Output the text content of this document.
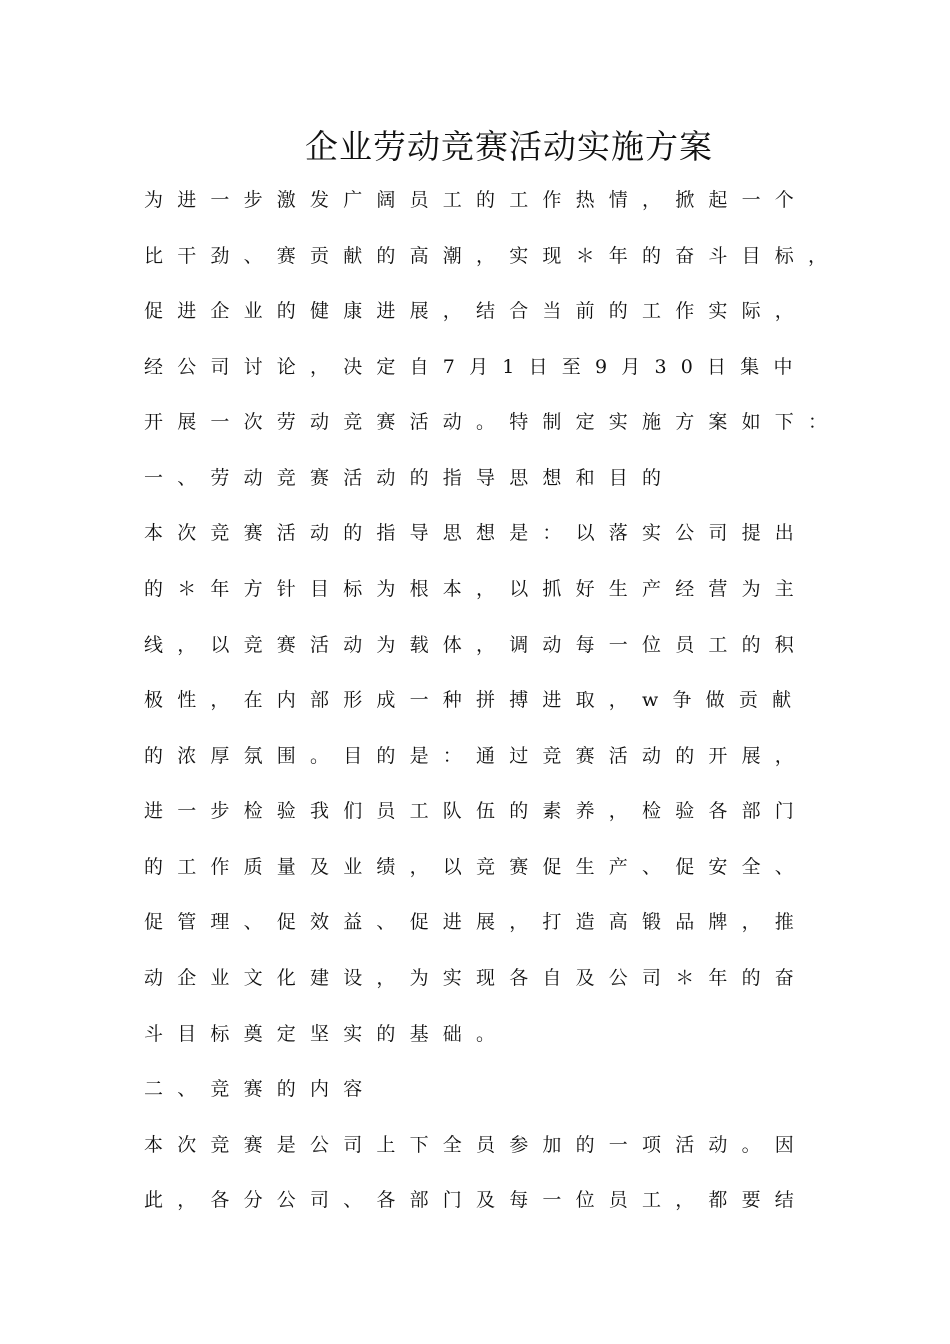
企业劳动竞赛活动实施方案
为进一步激发广阔员工的工作热情，掀起一个
比干劲、赛贡献的高潮，实现＊年的奋斗目标，
促进企业的健康进展，结合当前的工作实际，
经公司讨论，决定自7月1日至9月30日集中
开展一次劳动竞赛活动。特制定实施方案如下：
一、劳动竞赛活动的指导思想和目的
本次竞赛活动的指导思想是：以落实公司提出
的＊年方针目标为根本，以抓好生产经营为主
线，以竞赛活动为载体，调动每一位员工的积
极性，在内部形成一种拼搏进取，w争做贡献
的浓厚氛围。目的是：通过竞赛活动的开展，
进一步检验我们员工队伍的素养，检验各部门
的工作质量及业绩，以竞赛促生产、促安全、
促管理、促效益、促进展，打造高锻品牌，推
动企业文化建设，为实现各自及公司＊年的奋
斗目标奠定坚实的基础。
二、竞赛的内容
本次竞赛是公司上下全员参加的一项活动。因
此，各分公司、各部门及每一位员工，都要结
